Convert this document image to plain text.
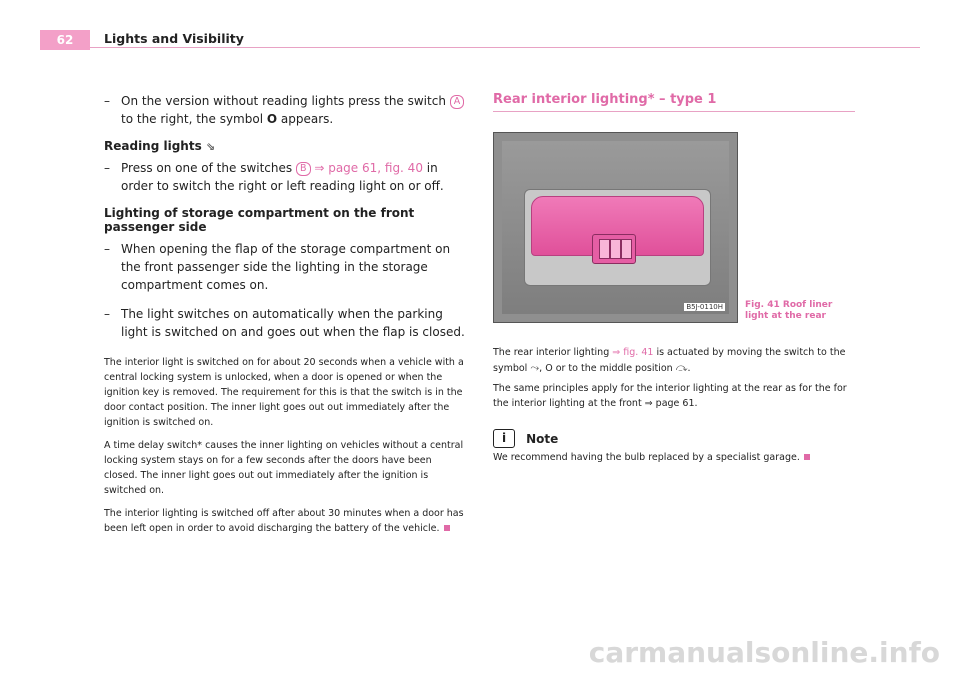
62	Lights and Visibility
– On the version without reading lights press the switch A to the right, the symbol O appears.
Reading lights ⇘
– Press on one of the switches B ⇒ page 61, fig. 40 in order to switch the right or left reading light on or off.
Lighting of storage compartment on the front passenger side
– When opening the flap of the storage compartment on the front passenger side the lighting in the storage compartment comes on.
– The light switches on automatically when the parking light is switched on and goes out when the flap is closed.
The interior light is switched on for about 20 seconds when a vehicle with a central locking system is unlocked, when a door is opened or when the ignition key is removed. The requirement for this is that the switch is in the door contact position. The inner light goes out out immediately after the ignition is switched on.
A time delay switch* causes the inner lighting on vehicles without a central locking system stays on for a few seconds after the doors have been closed. The inner light goes out out immediately after the ignition is switched on.
The interior lighting is switched off after about 30 minutes when a door has been left open in order to avoid discharging the battery of the vehicle.
Rear interior lighting* – type 1
B5J-0110H Fig. 41 Roof liner light at the rear
The rear interior lighting ⇒ fig. 41 is actuated by moving the switch to the symbol ⤳, O or to the middle position ⤼.
The same principles apply for the interior lighting at the rear as for the for the interior lighting at the front ⇒ page 61.
i Note
We recommend having the bulb replaced by a specialist garage.
carmanualsonline.info
